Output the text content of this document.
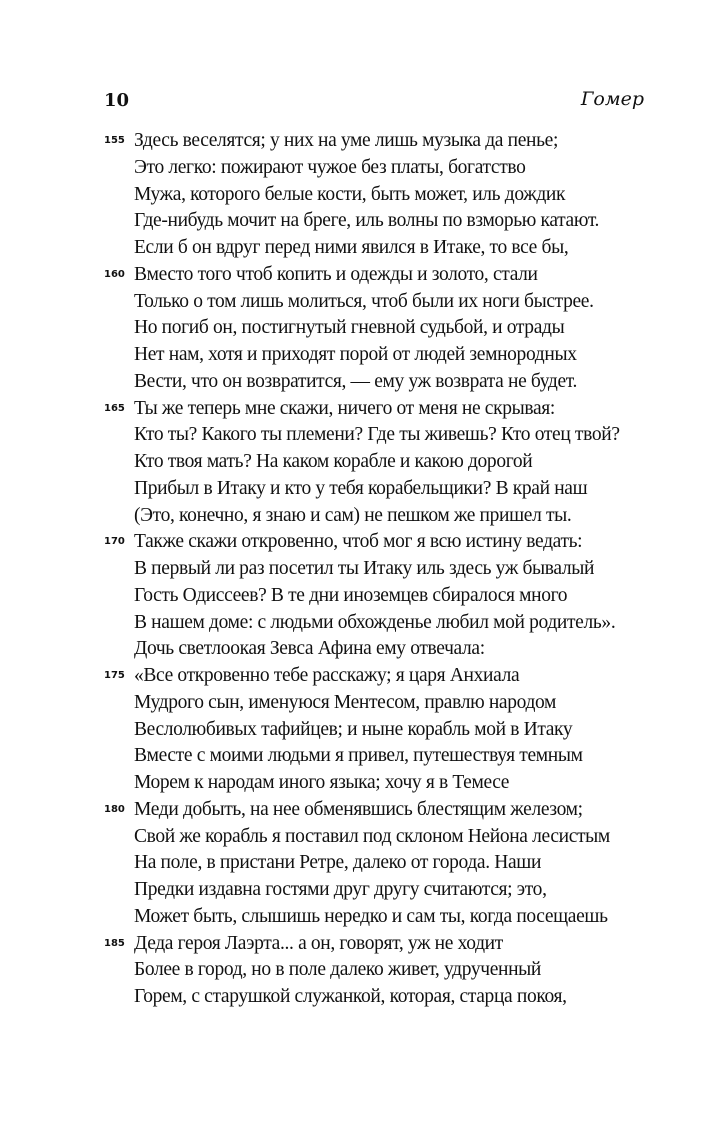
10	Гомер
155 Здесь веселятся; у них на уме лишь музыка да пенье;
Это легко: пожирают чужое без платы, богатство
Мужа, которого белые кости, быть может, иль дождик
Где-нибудь мочит на бреге, иль волны по взморью катают.
Если б он вдруг перед ними явился в Итаке, то все бы,
160 Вместо того чтоб копить и одежды и золото, стали
Только о том лишь молиться, чтоб были их ноги быстрее.
Но погиб он, постигнутый гневной судьбой, и отрады
Нет нам, хотя и приходят порой от людей земнородных
Вести, что он возвратится, — ему уж возврата не будет.
165 Ты же теперь мне скажи, ничего от меня не скрывая:
Кто ты? Какого ты племени? Где ты живешь? Кто отец твой?
Кто твоя мать? На каком корабле и какою дорогой
Прибыл в Итаку и кто у тебя корабельщики? В край наш
(Это, конечно, я знаю и сам) не пешком же пришел ты.
170 Также скажи откровенно, чтоб мог я всю истину ведать:
В первый ли раз посетил ты Итаку иль здесь уж бывалый
Гость Одиссеев? В те дни иноземцев сбиралося много
В нашем доме: с людьми обхожденье любил мой родитель».
Дочь светлоокая Зевса Афина ему отвечала:
175 «Все откровенно тебе расскажу; я царя Анхиала
Мудрого сын, именуюся Ментесом, правлю народом
Веслолюбивых тафийцев; и ныне корабль мой в Итаку
Вместе с моими людьми я привел, путешествуя темным
Морем к народам иного языка; хочу я в Темесе
180 Меди добыть, на нее обменявшись блестящим железом;
Свой же корабль я поставил под склоном Нейона лесистым
На поле, в пристани Ретре, далеко от города. Наши
Предки издавна гостями друг другу считаются; это,
Может быть, слышишь нередко и сам ты, когда посещаешь
185 Деда героя Лаэрта... а он, говорят, уж не ходит
Более в город, но в поле далеко живет, удрученный
Горем, с старушкой служанкой, которая, старца покоя,
